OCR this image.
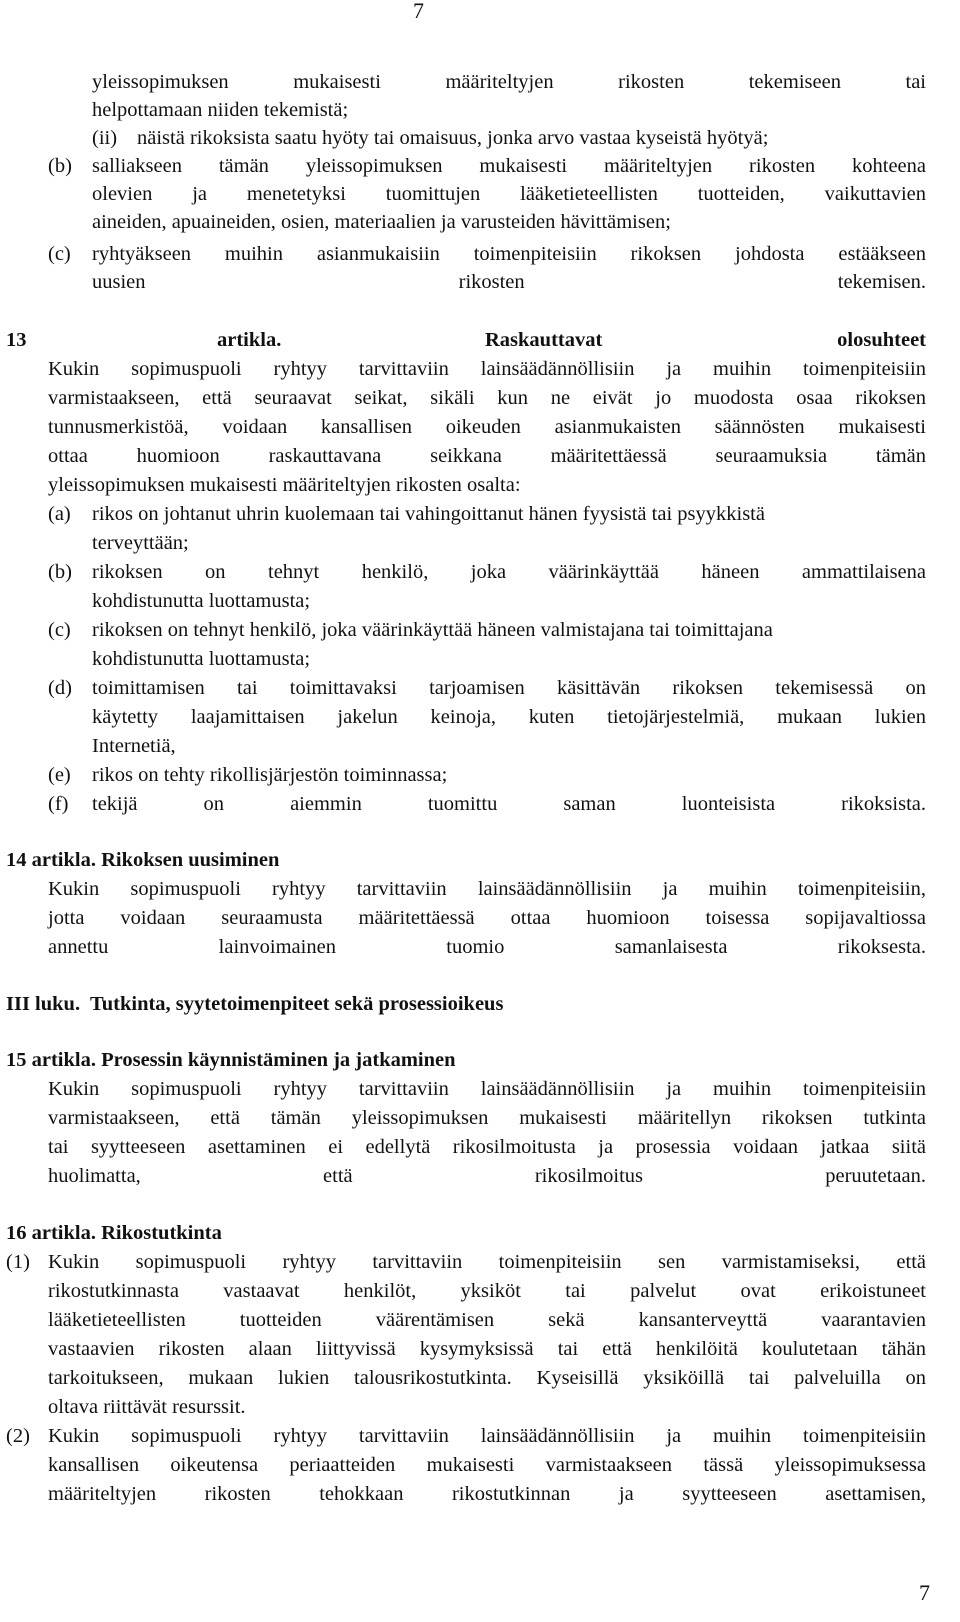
7
yleissopimuksen mukaisesti määriteltyjen rikosten tekemiseen tai
helpottamaan niiden tekemistä;
(ii) näistä rikoksista saatu hyöty tai omaisuus, jonka arvo vastaa kyseistä hyötyä;
(b) salliakseen tämän yleissopimuksen mukaisesti määriteltyjen rikosten kohteena
olevien ja menetetyksi tuomittujen lääketieteellisten tuotteiden, vaikuttavien
aineiden, apuaineiden, osien, materiaalien ja varusteiden hävittämisen;
(c) ryhtyäkseen muihin asianmukaisiin toimenpiteisiin rikoksen johdosta estääkseen
uusien rikosten tekemisen.
13	artikla.	Raskauttavat	olosuhteet
Kukin sopimuspuoli ryhtyy tarvittaviin lainsäädännöllisiin ja muihin toimenpiteisiin
varmistaakseen, että seuraavat seikat, sikäli kun ne eivät jo muodosta osaa rikoksen
tunnusmerkistöä, voidaan kansallisen oikeuden asianmukaisten säännösten mukaisesti
ottaa huomioon raskauttavana seikkana määritettäessä seuraamuksia tämän
yleissopimuksen mukaisesti määriteltyjen rikosten osalta:
(a) rikos on johtanut uhrin kuolemaan tai vahingoittanut hänen fyysistä tai psyykkistä
terveyttään;
(b) rikoksen on tehnyt henkilö, joka väärinkäyttää häneen ammattilaisena
kohdistunutta luottamusta;
(c) rikoksen on tehnyt henkilö, joka väärinkäyttää häneen valmistajana tai toimittajana
kohdistunutta luottamusta;
(d) toimittamisen tai toimittavaksi tarjoamisen käsittävän rikoksen tekemisessä on
käytetty laajamittaisen jakelun keinoja, kuten tietojärjestelmiä, mukaan lukien
Internetiä,
(e) rikos on tehty rikollisjärjestön toiminnassa;
(f) tekijä on aiemmin tuomittu saman luonteisista rikoksista.
14 artikla. Rikoksen uusiminen
Kukin sopimuspuoli ryhtyy tarvittaviin lainsäädännöllisiin ja muihin toimenpiteisiin,
jotta voidaan seuraamusta määritettäessä ottaa huomioon toisessa sopijavaltiossa
annettu lainvoimainen tuomio samanlaisesta rikoksesta.
III luku.  Tutkinta, syytetoimenpiteet sekä prosessioikeus
15 artikla. Prosessin käynnistäminen ja jatkaminen
Kukin sopimuspuoli ryhtyy tarvittaviin lainsäädännöllisiin ja muihin toimenpiteisiin
varmistaakseen, että tämän yleissopimuksen mukaisesti määritellyn rikoksen tutkinta
tai syytteeseen asettaminen ei edellytä rikosilmoitusta ja prosessia voidaan jatkaa siitä
huolimatta, että rikosilmoitus peruutetaan.
16 artikla. Rikostutkinta
(1) Kukin sopimuspuoli ryhtyy tarvittaviin toimenpiteisiin sen varmistamiseksi, että
rikostutkinnasta vastaavat henkilöt, yksiköt tai palvelut ovat erikoistuneet
lääketieteellisten tuotteiden väärentämisen sekä kansanterveyttä vaarantavien
vastaavien rikosten alaan liittyvissä kysymyksissä tai että henkilöitä koulutetaan tähän
tarkoitukseen, mukaan lukien talousrikostutkinta. Kyseisillä yksiköillä tai palveluilla on
oltava riittävät resurssit.
(2) Kukin sopimuspuoli ryhtyy tarvittaviin lainsäädännöllisiin ja muihin toimenpiteisiin
kansallisen oikeutensa periaatteiden mukaisesti varmistaakseen tässä yleissopimuksessa
määriteltyjen rikosten tehokkaan rikostutkinnan ja syytteeseen asettamisen,
7
